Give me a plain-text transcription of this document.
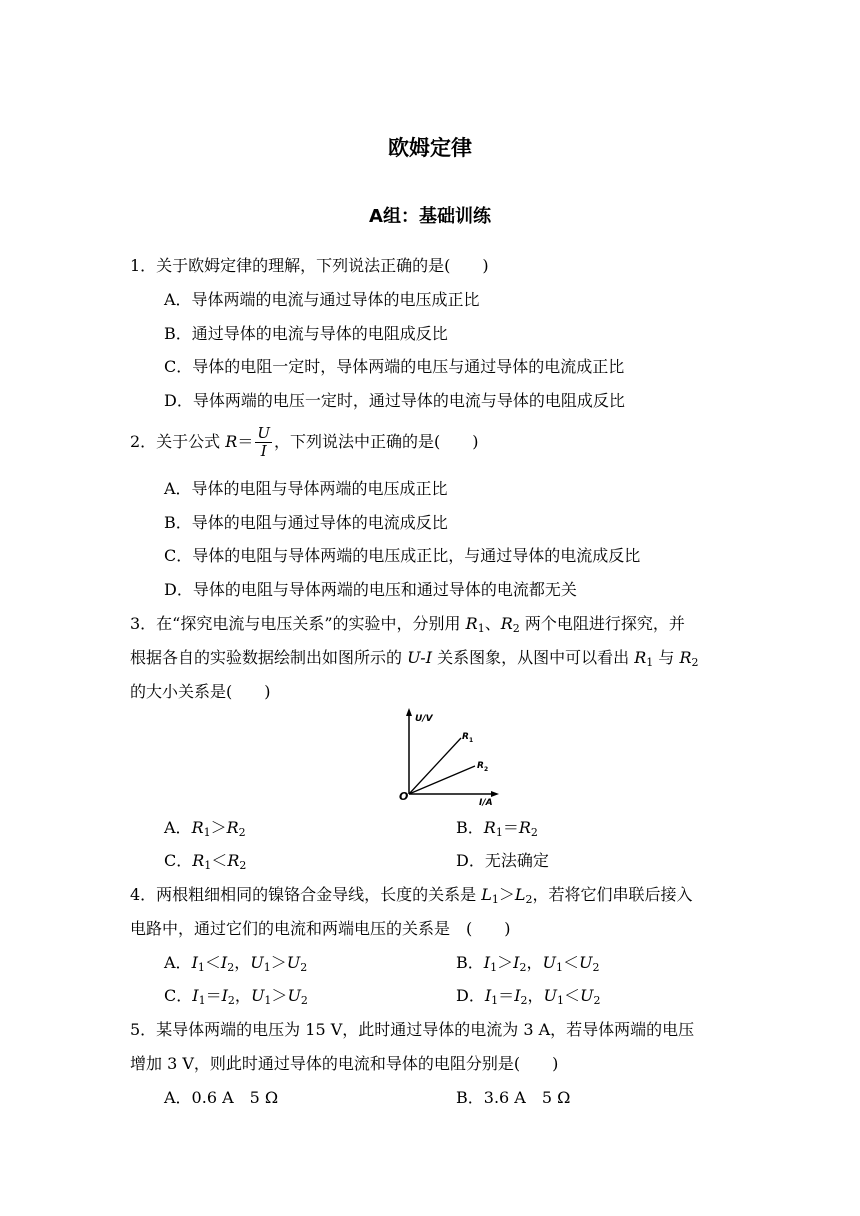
欧姆定律
A组：基础训练
1．关于欧姆定律的理解，下列说法正确的是(　　)
A．导体两端的电流与通过导体的电压成正比
B．通过导体的电流与导体的电阻成反比
C．导体的电阻一定时，导体两端的电压与通过导体的电流成正比
D．导体两端的电压一定时，通过导体的电流与导体的电阻成反比
2．关于公式 $R= \frac{U}{I}$ ，下列说法中正确的是(　　)
A．导体的电阻与导体两端的电压成正比
B．导体的电阻与通过导体的电流成反比
C．导体的电阻与导体两端的电压成正比，与通过导体的电流成反比
D．导体的电阻与导体两端的电压和通过导体的电流都无关
3．在“探究电流与电压关系”的实验中，分别用 $R_1$、$R_2$ 两个电阻进行探究，并
根据各自的实验数据绘制出如图所示的 U-I 关系图象，从图中可以看出 $R_1$ 与 $R_2$
的大小关系是(　　)
U/V
I/A
O
R 1
R 2
A．$R_1>R_2$	B．$R_1=R_2$
C．$R_1<R_2$	D．无法确定
4．两根粗细相同的镍铬合金导线，长度的关系是 $L_1>L_2$，若将它们串联后接入
电路中，通过它们的电流和两端电压的关系是　(　　)
A．$I_1<I_2$，$U_1>U_2$	B．$I_1>I_2$，$U_1<U_2$
C．$I_1=I_2$，$U_1>U_2$	D．$I_1=I_2$，$U_1<U_2$
5．某导体两端的电压为 15 V，此时通过导体的电流为 3 A，若导体两端的电压
增加 3 V，则此时通过导体的电流和导体的电阻分别是(　　)
A．0.6 A　5 Ω	B．3.6 A　5 Ω
